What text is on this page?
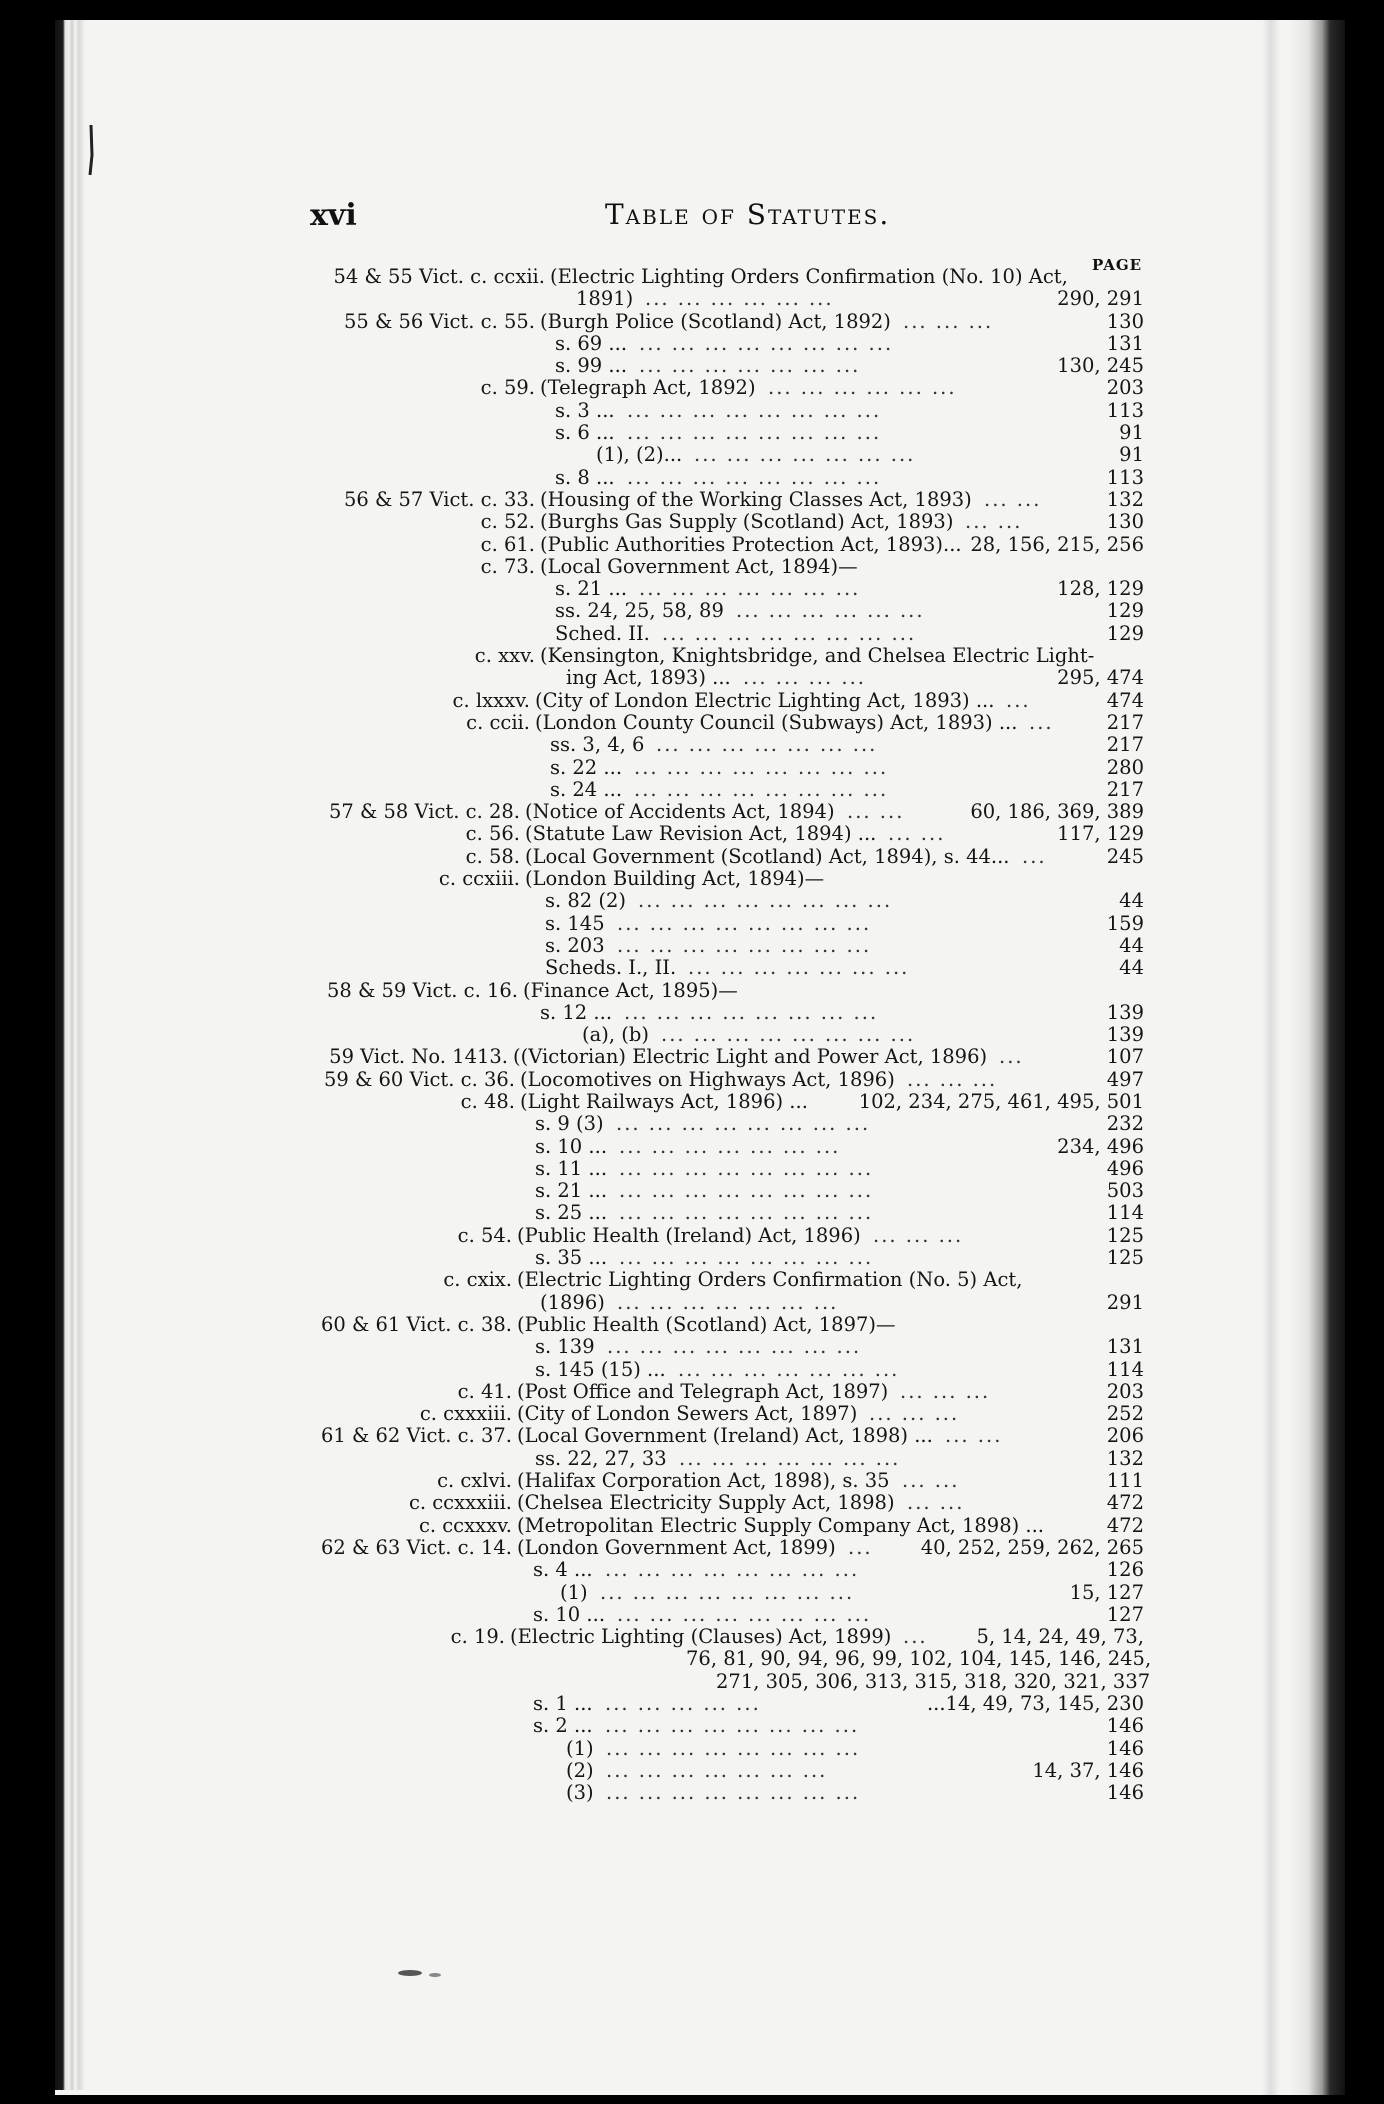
xvi	Table of Statutes.
PAGE
54 & 55 Vict. c. ccxii. (Electric Lighting Orders Confirmation (No. 10) Act,
1891) ... ... ... ... ... ...	290, 291
55 & 56 Vict. c. 55. (Burgh Police (Scotland) Act, 1892) ... ... ...	130
s. 69 ... ... ... ... ... ... ... ... ...	131
s. 99 ... ... ... ... ... ... ... ...	130, 245
c. 59. (Telegraph Act, 1892) ... ... ... ... ... ...	203
s. 3 ... ... ... ... ... ... ... ... ...	113
s. 6 ... ... ... ... ... ... ... ... ...	91
(1), (2)... ... ... ... ... ... ... ...	91
s. 8 ... ... ... ... ... ... ... ... ...	113
56 & 57 Vict. c. 33. (Housing of the Working Classes Act, 1893) ... ...	132
c. 52. (Burghs Gas Supply (Scotland) Act, 1893) ... ...	130
c. 61. (Public Authorities Protection Act, 1893)... 28, 156, 215, 256
c. 73. (Local Government Act, 1894)—
s. 21 ... ... ... ... ... ... ... ...	128, 129
ss. 24, 25, 58, 89 ... ... ... ... ... ...	129
Sched. II. ... ... ... ... ... ... ... ...	129
c. xxv. (Kensington, Knightsbridge, and Chelsea Electric Light-
ing Act, 1893) ... ... ... ... ...	295, 474
c. lxxxv. (City of London Electric Lighting Act, 1893) ... ...	474
c. ccii. (London County Council (Subways) Act, 1893) ... ...	217
ss. 3, 4, 6 ... ... ... ... ... ... ...	217
s. 22 ... ... ... ... ... ... ... ... ...	280
s. 24 ... ... ... ... ... ... ... ... ...	217
57 & 58 Vict. c. 28. (Notice of Accidents Act, 1894) ... ...	60, 186, 369, 389
c. 56. (Statute Law Revision Act, 1894) ... ... ...	117, 129
c. 58. (Local Government (Scotland) Act, 1894), s. 44... ...	245
c. ccxiii. (London Building Act, 1894)—
s. 82 (2) ... ... ... ... ... ... ... ...	44
s. 145 ... ... ... ... ... ... ... ...	159
s. 203 ... ... ... ... ... ... ... ...	44
Scheds. I., II. ... ... ... ... ... ... ...	44
58 & 59 Vict. c. 16. (Finance Act, 1895)—
s. 12 ... ... ... ... ... ... ... ... ...	139
(a), (b) ... ... ... ... ... ... ... ...	139
59 Vict. No. 1413. ((Victorian) Electric Light and Power Act, 1896) ...	107
59 & 60 Vict. c. 36. (Locomotives on Highways Act, 1896) ... ... ...	497
c. 48. (Light Railways Act, 1896) ...	102, 234, 275, 461, 495, 501
s. 9 (3) ... ... ... ... ... ... ... ...	232
s. 10 ... ... ... ... ... ... ... ...	234, 496
s. 11 ... ... ... ... ... ... ... ... ...	496
s. 21 ... ... ... ... ... ... ... ... ...	503
s. 25 ... ... ... ... ... ... ... ... ...	114
c. 54. (Public Health (Ireland) Act, 1896) ... ... ...	125
s. 35 ... ... ... ... ... ... ... ... ...	125
c. cxix. (Electric Lighting Orders Confirmation (No. 5) Act,
(1896) ... ... ... ... ... ... ...	291
60 & 61 Vict. c. 38. (Public Health (Scotland) Act, 1897)—
s. 139 ... ... ... ... ... ... ... ...	131
s. 145 (15) ... ... ... ... ... ... ... ...	114
c. 41. (Post Office and Telegraph Act, 1897) ... ... ...	203
c. cxxxiii. (City of London Sewers Act, 1897) ... ... ...	252
61 & 62 Vict. c. 37. (Local Government (Ireland) Act, 1898) ... ... ...	206
ss. 22, 27, 33 ... ... ... ... ... ... ...	132
c. cxlvi. (Halifax Corporation Act, 1898), s. 35 ... ...	111
c. ccxxxiii. (Chelsea Electricity Supply Act, 1898) ... ...	472
c. ccxxxv. (Metropolitan Electric Supply Company Act, 1898) ...	472
62 & 63 Vict. c. 14. (London Government Act, 1899) ...	40, 252, 259, 262, 265
s. 4 ... ... ... ... ... ... ... ... ...	126
(1) ... ... ... ... ... ... ... ...	15, 127
s. 10 ... ... ... ... ... ... ... ... ...	127
c. 19. (Electric Lighting (Clauses) Act, 1899) ...	5, 14, 24, 49, 73,
76, 81, 90, 94, 96, 99, 102, 104, 145, 146, 245,
271, 305, 306, 313, 315, 318, 320, 321, 337
s. 1 ... ... ... ... ... ...	...14, 49, 73, 145, 230
s. 2 ... ... ... ... ... ... ... ... ...	146
(1) ... ... ... ... ... ... ... ...	146
(2) ... ... ... ... ... ... ...	14, 37, 146
(3) ... ... ... ... ... ... ... ...	146
